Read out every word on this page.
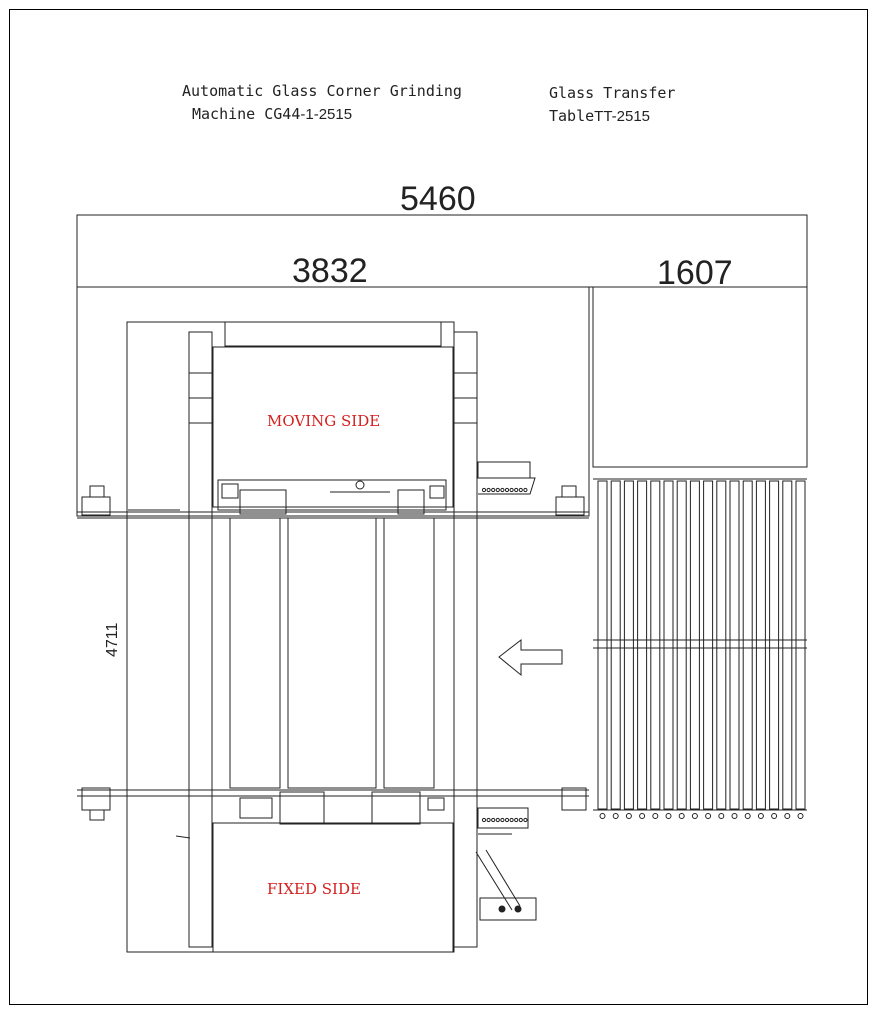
Automatic Glass Corner Grinding
Machine CG44-1-2515
Glass Transfer
TableTT-2515
5460
3832	1607
4711
MOVING SIDE
FIXED SIDE
